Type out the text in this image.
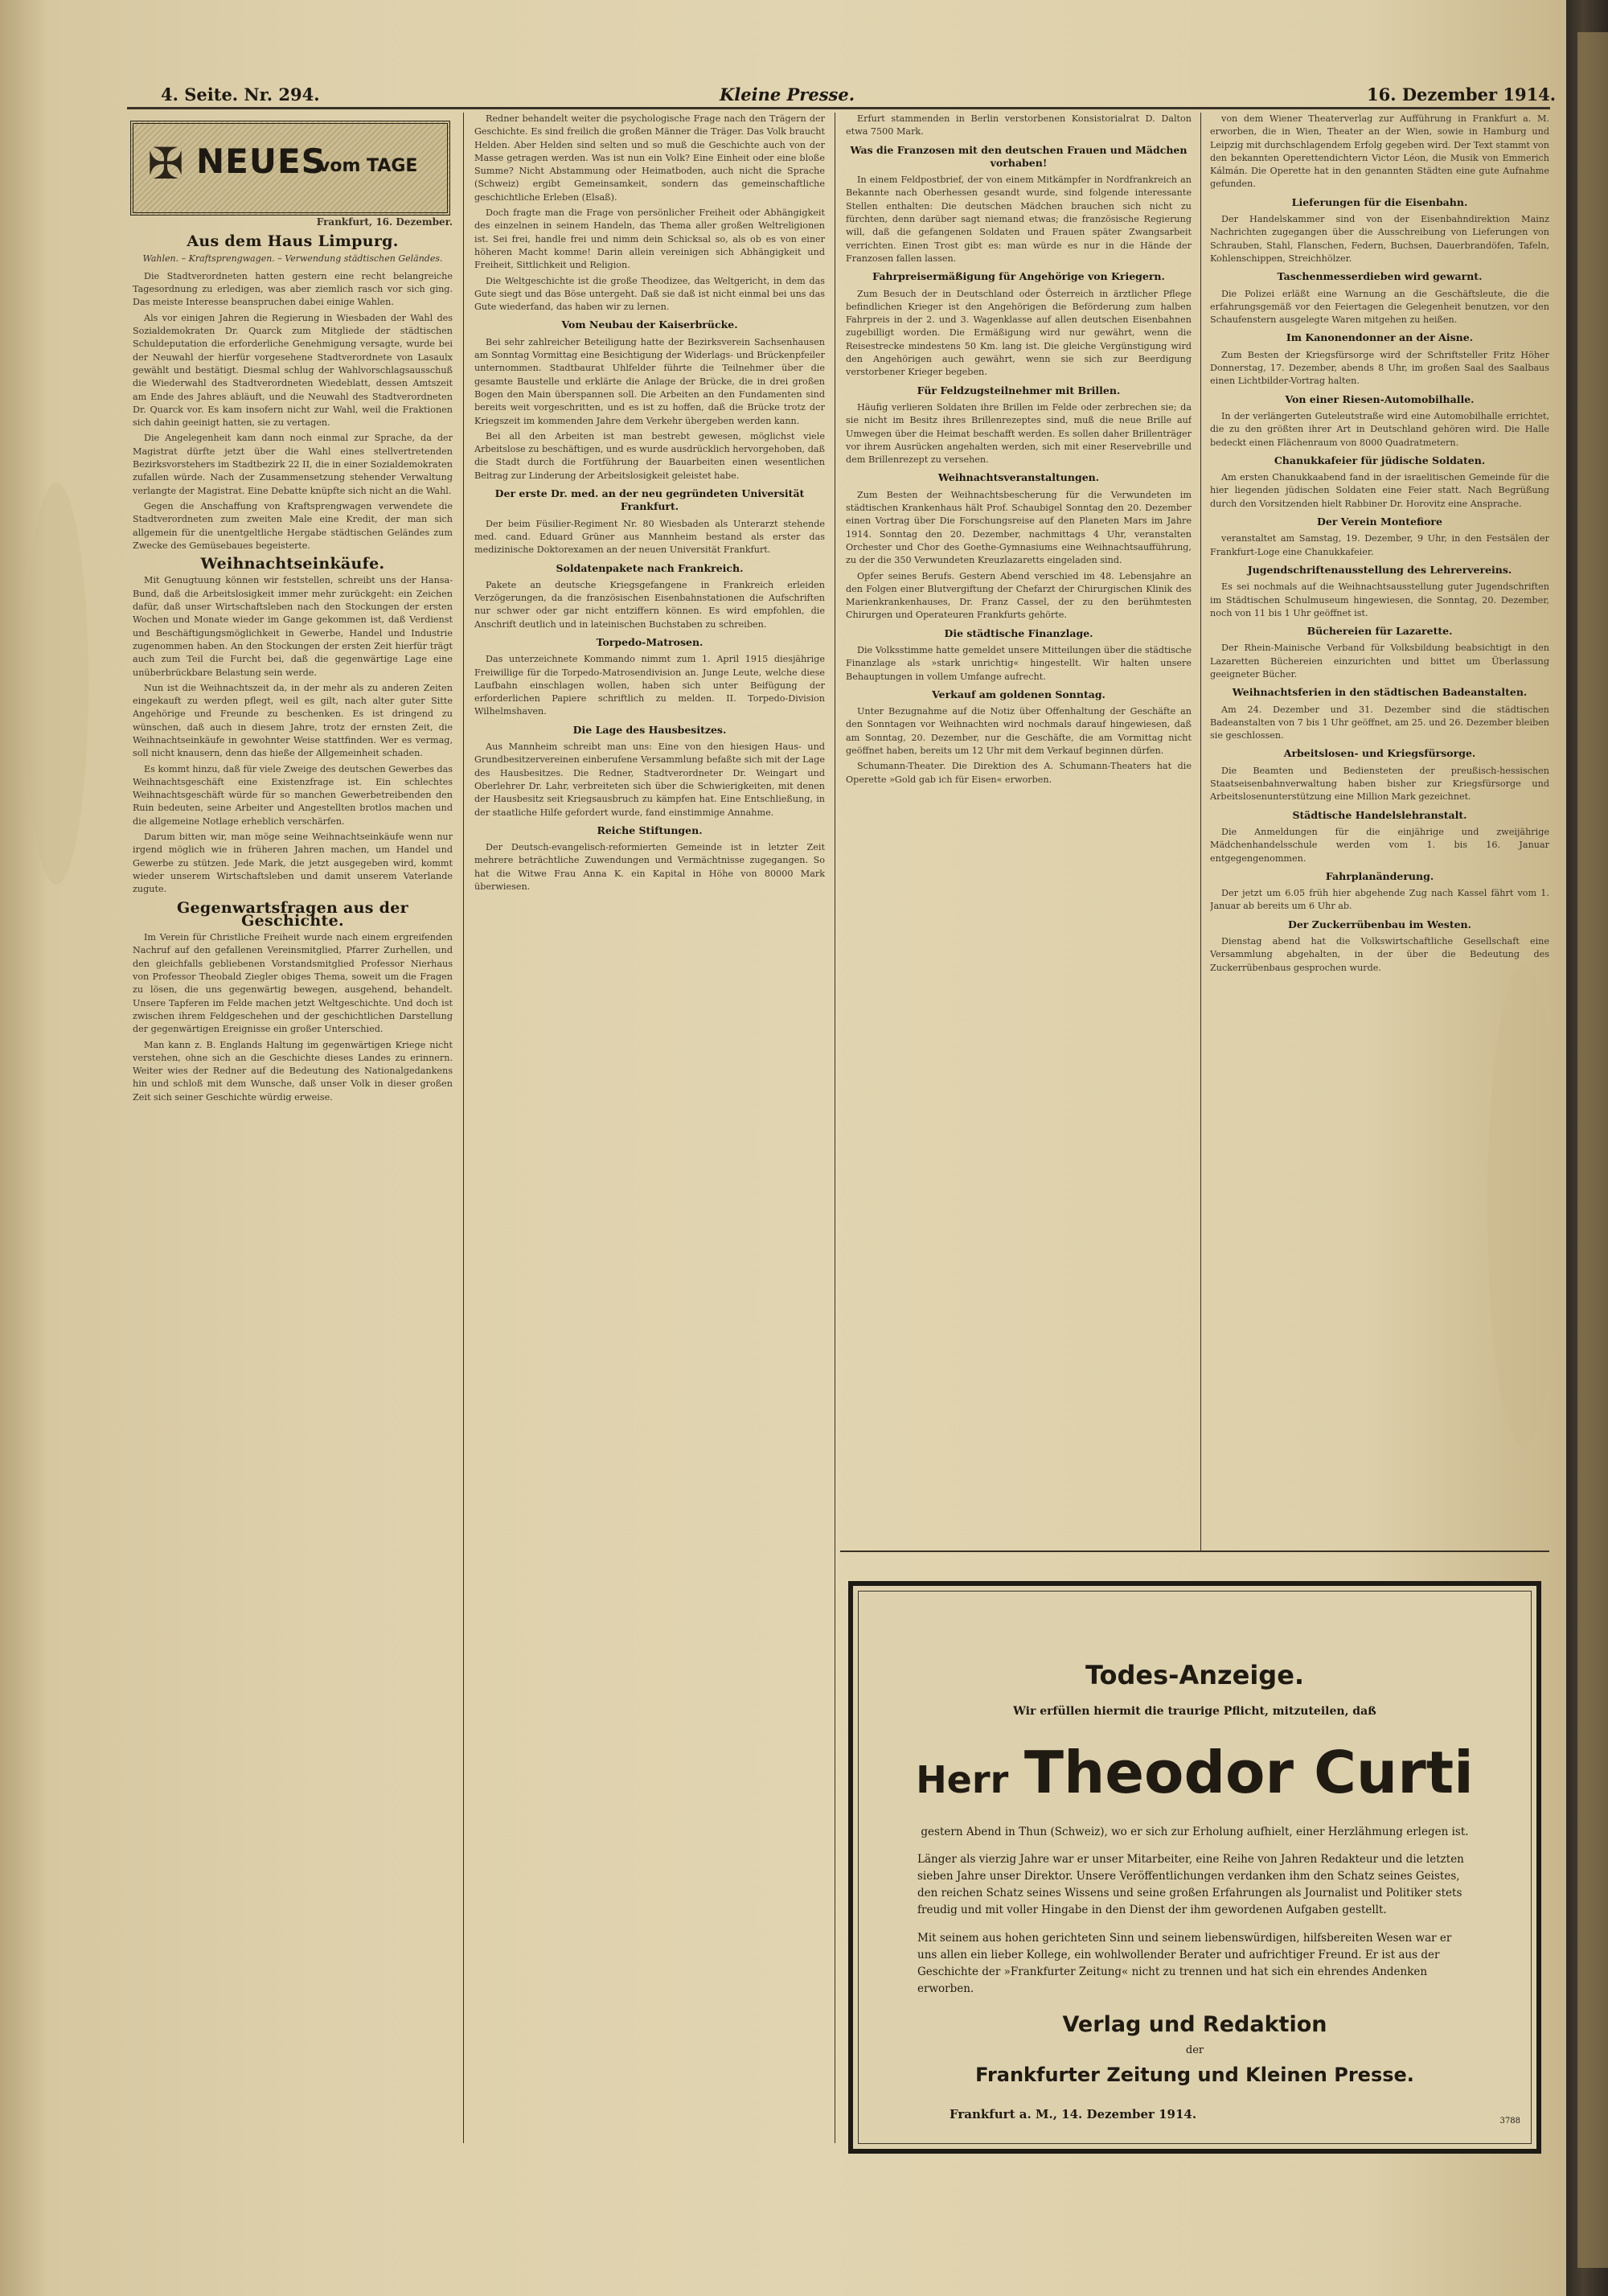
4. Seite. Nr. 294.	Kleine Presse.	16. Dezember 1914.
✠ NEUES
vom TAGE
Frankfurt, 16. Dezember.
Aus dem Haus Limpurg.
Wahlen. – Kraftsprengwagen. – Verwendung städtischen Geländes.

Die Stadtverordneten hatten gestern eine recht belangreiche Tagesordnung zu erledigen, was aber ziemlich rasch vor sich ging. Das meiste Interesse beanspruchen dabei einige Wahlen.

Als vor einigen Jahren die Regierung in Wiesbaden der Wahl des Sozialdemokraten Dr. Quarck zum Mitgliede der städtischen Schuldeputation die erforderliche Genehmigung versagte, wurde bei der Neuwahl der hierfür vorgesehene Stadtverordnete von Lasaulx gewählt und bestätigt. Diesmal schlug der Wahlvorschlagsausschuß die Wiederwahl des Stadtverordneten Wiedeblatt, dessen Amtszeit am Ende des Jahres abläuft, und die Neuwahl des Stadtverordneten Dr. Quarck vor. Es kam insofern nicht zur Wahl, weil die Fraktionen sich dahin geeinigt hatten, sie zu vertagen.

Die Angelegenheit kam dann noch einmal zur Sprache, da der Magistrat dürfte jetzt über die Wahl eines stellvertretenden Bezirksvorstehers im Stadtbezirk 22 II, die in einer Sozialdemokraten zufallen würde. Nach der Zusammensetzung stehender Verwaltung verlangte der Magistrat. Eine Debatte knüpfte sich nicht an die Wahl.

Gegen die Anschaffung von Kraftsprengwagen verwendete die Stadtverordneten zum zweiten Male eine Kredit, der man sich allgemein für die unentgeltliche Hergabe städtischen Geländes zum Zwecke des Gemüsebaues begeisterte.

Weihnachtseinkäufe.

Mit Genugtuung können wir feststellen, schreibt uns der Hansa-Bund, daß die Arbeitslosigkeit immer mehr zurückgeht: ein Zeichen dafür, daß unser Wirtschaftsleben nach den Stockungen der ersten Wochen und Monate wieder im Gange gekommen ist, daß Verdienst und Beschäftigungsmöglichkeit in Gewerbe, Handel und Industrie zugenommen haben. An den Stockungen der ersten Zeit hierfür trägt auch zum Teil die Furcht bei, daß die gegenwärtige Lage eine unüberbrückbare Belastung sein werde.

Nun ist die Weihnachtszeit da, in der mehr als zu anderen Zeiten eingekauft zu werden pflegt, weil es gilt, nach alter guter Sitte Angehörige und Freunde zu beschenken. Es ist dringend zu wünschen, daß auch in diesem Jahre, trotz der ernsten Zeit, die Weihnachtseinkäufe in gewohnter Weise stattfinden. Wer es vermag, soll nicht knausern, denn das hieße der Allgemeinheit schaden.

Es kommt hinzu, daß für viele Zweige des deutschen Gewerbes das Weihnachtsgeschäft eine Existenzfrage ist. Ein schlechtes Weihnachtsgeschäft würde für so manchen Gewerbetreibenden den Ruin bedeuten, seine Arbeiter und Angestellten brotlos machen und die allgemeine Notlage erheblich verschärfen.

Darum bitten wir, man möge seine Weihnachtseinkäufe wenn nur irgend möglich wie in früheren Jahren machen, um Handel und Gewerbe zu stützen. Jede Mark, die jetzt ausgegeben wird, kommt wieder unserem Wirtschaftsleben und damit unserem Vaterlande zugute.

Gegenwartsfragen aus der Geschichte.

Im Verein für Christliche Freiheit wurde nach einem ergreifenden Nachruf auf den gefallenen Vereinsmitglied, Pfarrer Zurhellen, und den gleichfalls gebliebenen Vorstandsmitglied Professor Nierhaus von Professor Theobald Ziegler obiges Thema, soweit um die Fragen zu lösen, die uns gegenwärtig bewegen, ausgehend, behandelt. Unsere Tapferen im Felde machen jetzt Weltgeschichte. Und doch ist zwischen ihrem Feldgeschehen und der geschichtlichen Darstellung der gegenwärtigen Ereignisse ein großer Unterschied.

Man kann z. B. Englands Haltung im gegenwärtigen Kriege nicht verstehen, ohne sich an die Geschichte dieses Landes zu erinnern. Weiter wies der Redner auf die Bedeutung des Nationalgedankens hin und schloß mit dem Wunsche, daß unser Volk in dieser großen Zeit sich seiner Geschichte würdig erweise.

Redner behandelt weiter die psychologische Frage nach den Trägern der Geschichte. Es sind freilich die großen Männer die Träger. Das Volk braucht Helden. Aber Helden sind selten und so muß die Geschichte auch von der Masse getragen werden. Was ist nun ein Volk? Eine Einheit oder eine bloße Summe? Nicht Abstammung oder Heimatboden, auch nicht die Sprache (Schweiz) ergibt Gemeinsamkeit, sondern das gemeinschaftliche geschichtliche Erleben (Elsaß).

Doch fragte man die Frage von persönlicher Freiheit oder Abhängigkeit des einzelnen in seinem Handeln, das Thema aller großen Weltreligionen ist. Sei frei, handle frei und nimm dein Schicksal so, als ob es von einer höheren Macht komme! Darin allein vereinigen sich Abhängigkeit und Freiheit, Sittlichkeit und Religion.

Die Weltgeschichte ist die große Theodizee, das Weltgericht, in dem das Gute siegt und das Böse untergeht. Daß sie daß ist nicht einmal bei uns das Gute wiederfand, das haben wir zu lernen.

Vom Neubau der Kaiserbrücke.

Bei sehr zahlreicher Beteiligung hatte der Bezirksverein Sachsenhausen am Sonntag Vormittag eine Besichtigung der Widerlags- und Brückenpfeiler unternommen. Stadtbaurat Uhlfelder führte die Teilnehmer über die gesamte Baustelle und erklärte die Anlage der Brücke, die in drei großen Bogen den Main überspannen soll. Die Arbeiten an den Fundamenten sind bereits weit vorgeschritten, und es ist zu hoffen, daß die Brücke trotz der Kriegszeit im kommenden Jahre dem Verkehr übergeben werden kann.

Bei all den Arbeiten ist man bestrebt gewesen, möglichst viele Arbeitslose zu beschäftigen, und es wurde ausdrücklich hervorgehoben, daß die Stadt durch die Fortführung der Bauarbeiten einen wesentlichen Beitrag zur Linderung der Arbeitslosigkeit geleistet habe.

Der erste Dr. med. an der neu gegründeten Universität Frankfurt.

Der beim Füsilier-Regiment Nr. 80 Wiesbaden als Unterarzt stehende med. cand. Eduard Grüner aus Mannheim bestand als erster das medizinische Doktorexamen an der neuen Universität Frankfurt.

Soldatenpakete nach Frankreich.

Pakete an deutsche Kriegsgefangene in Frankreich erleiden Verzögerungen, da die französischen Eisenbahnstationen die Aufschriften nur schwer oder gar nicht entziffern können. Es wird empfohlen, die Anschrift deutlich und in lateinischen Buchstaben zu schreiben.

Torpedo-Matrosen.

Das unterzeichnete Kommando nimmt zum 1. April 1915 diesjährige Freiwillige für die Torpedo-Matrosendivision an. Junge Leute, welche diese Laufbahn einschlagen wollen, haben sich unter Beifügung der erforderlichen Papiere schriftlich zu melden. II. Torpedo-Division Wilhelmshaven.

Die Lage des Hausbesitzes.

Aus Mannheim schreibt man uns: Eine von den hiesigen Haus- und Grundbesitzervereinen einberufene Versammlung befaßte sich mit der Lage des Hausbesitzes. Die Redner, Stadtverordneter Dr. Weingart und Oberlehrer Dr. Lahr, verbreiteten sich über die Schwierigkeiten, mit denen der Hausbesitz seit Kriegsausbruch zu kämpfen hat. Eine Entschließung, in der staatliche Hilfe gefordert wurde, fand einstimmige Annahme.

Reiche Stiftungen.

Der Deutsch-evangelisch-reformierten Gemeinde ist in letzter Zeit mehrere beträchtliche Zuwendungen und Vermächtnisse zugegangen. So hat die Witwe Frau Anna K. ein Kapital in Höhe von 80000 Mark überwiesen.

Erfurt stammenden in Berlin verstorbenen Konsistorialrat D. Dalton etwa 7500 Mark.

Was die Franzosen mit den deutschen Frauen und Mädchen vorhaben!

In einem Feldpostbrief, der von einem Mitkämpfer in Nordfrankreich an Bekannte nach Oberhessen gesandt wurde, sind folgende interessante Stellen enthalten: Die deutschen Mädchen brauchen sich nicht zu fürchten, denn darüber sagt niemand etwas; die französische Regierung will, daß die gefangenen Soldaten und Frauen später Zwangsarbeit verrichten. Einen Trost gibt es: man würde es nur in die Hände der Franzosen fallen lassen.

Fahrpreisermäßigung für Angehörige von Kriegern.

Zum Besuch der in Deutschland oder Österreich in ärztlicher Pflege befindlichen Krieger ist den Angehörigen die Beförderung zum halben Fahrpreis in der 2. und 3. Wagenklasse auf allen deutschen Eisenbahnen zugebilligt worden. Die Ermäßigung wird nur gewährt, wenn die Reisestrecke mindestens 50 Km. lang ist. Die gleiche Vergünstigung wird den Angehörigen auch gewährt, wenn sie sich zur Beerdigung verstorbener Krieger begeben.

Für Feldzugsteilnehmer mit Brillen.

Häufig verlieren Soldaten ihre Brillen im Felde oder zerbrechen sie; da sie nicht im Besitz ihres Brillenrezeptes sind, muß die neue Brille auf Umwegen über die Heimat beschafft werden. Es sollen daher Brillenträger vor ihrem Ausrücken angehalten werden, sich mit einer Reservebrille und dem Brillenrezept zu versehen.

Weihnachtsveranstaltungen.

Zum Besten der Weihnachtsbescherung für die Verwundeten im städtischen Krankenhaus hält Prof. Schaubigel Sonntag den 20. Dezember einen Vortrag über Die Forschungsreise auf den Planeten Mars im Jahre 1914. Sonntag den 20. Dezember, nachmittags 4 Uhr, veranstalten Orchester und Chor des Goethe-Gymnasiums eine Weihnachtsaufführung, zu der die 350 Verwundeten Kreuzlazaretts eingeladen sind.

Opfer seines Berufs. Gestern Abend verschied im 48. Lebensjahre an den Folgen einer Blutvergiftung der Chefarzt der Chirurgischen Klinik des Marienkrankenhauses, Dr. Franz Cassel, der zu den berühmtesten Chirurgen und Operateuren Frankfurts gehörte.

Die städtische Finanzlage.

Die Volksstimme hatte gemeldet unsere Mitteilungen über die städtische Finanzlage als »stark unrichtig« hingestellt. Wir halten unsere Behauptungen in vollem Umfange aufrecht.

Verkauf am goldenen Sonntag.

Unter Bezugnahme auf die Notiz über Offenhaltung der Geschäfte an den Sonntagen vor Weihnachten wird nochmals darauf hingewiesen, daß am Sonntag, 20. Dezember, nur die Geschäfte, die am Vormittag nicht geöffnet haben, bereits um 12 Uhr mit dem Verkauf beginnen dürfen.

Schumann-Theater. Die Direktion des A. Schumann-Theaters hat die Operette »Gold gab ich für Eisen« erworben.

von dem Wiener Theaterverlag zur Aufführung in Frankfurt a. M. erworben, die in Wien, Theater an der Wien, sowie in Hamburg und Leipzig mit durchschlagendem Erfolg gegeben wird. Der Text stammt von den bekannten Operettendichtern Victor Léon, die Musik von Emmerich Kálmán. Die Operette hat in den genannten Städten eine gute Aufnahme gefunden.

Lieferungen für die Eisenbahn.

Der Handelskammer sind von der Eisenbahndirektion Mainz Nachrichten zugegangen über die Ausschreibung von Lieferungen von Schrauben, Stahl, Flanschen, Federn, Buchsen, Dauerbrandöfen, Tafeln, Kohlenschippen, Streichhölzer.

Taschenmesserdieben wird gewarnt.

Die Polizei erläßt eine Warnung an die Geschäftsleute, die die erfahrungsgemäß vor den Feiertagen die Gelegenheit benutzen, vor den Schaufenstern ausgelegte Waren mitgehen zu heißen.

Im Kanonendonner an der Aisne.

Zum Besten der Kriegsfürsorge wird der Schriftsteller Fritz Höher Donnerstag, 17. Dezember, abends 8 Uhr, im großen Saal des Saalbaus einen Lichtbilder-Vortrag halten.

Von einer Riesen-Automobilhalle.

In der verlängerten Guteleutstraße wird eine Automobilhalle errichtet, die zu den größten ihrer Art in Deutschland gehören wird. Die Halle bedeckt einen Flächenraum von 8000 Quadratmetern.

Chanukkafeier für jüdische Soldaten.

Am ersten Chanukkaabend fand in der israelitischen Gemeinde für die hier liegenden jüdischen Soldaten eine Feier statt. Nach Begrüßung durch den Vorsitzenden hielt Rabbiner Dr. Horovitz eine Ansprache.

Der Verein Montefiore

veranstaltet am Samstag, 19. Dezember, 9 Uhr, in den Festsälen der Frankfurt-Loge eine Chanukkafeier.

Jugendschriftenausstellung des Lehrervereins.

Es sei nochmals auf die Weihnachtsausstellung guter Jugendschriften im Städtischen Schulmuseum hingewiesen, die Sonntag, 20. Dezember, noch von 11 bis 1 Uhr geöffnet ist.

Büchereien für Lazarette.

Der Rhein-Mainische Verband für Volksbildung beabsichtigt in den Lazaretten Büchereien einzurichten und bittet um Überlassung geeigneter Bücher.

Weihnachtsferien in den städtischen Badeanstalten.

Am 24. Dezember und 31. Dezember sind die städtischen Badeanstalten von 7 bis 1 Uhr geöffnet, am 25. und 26. Dezember bleiben sie geschlossen.

Arbeitslosen- und Kriegsfürsorge.

Die Beamten und Bediensteten der preußisch-hessischen Staatseisenbahnverwaltung haben bisher zur Kriegsfürsorge und Arbeitslosenunterstützung eine Million Mark gezeichnet.

Städtische Handelslehranstalt.

Die Anmeldungen für die einjährige und zweijährige Mädchenhandelsschule werden vom 1. bis 16. Januar entgegengenommen.

Fahrplanänderung.

Der jetzt um 6.05 früh hier abgehende Zug nach Kassel fährt vom 1. Januar ab bereits um 6 Uhr ab.

Der Zuckerrübenbau im Westen.

Dienstag abend hat die Volkswirtschaftliche Gesellschaft eine Versammlung abgehalten, in der über die Bedeutung des Zuckerrübenbaus gesprochen wurde.

Todes-Anzeige.
Wir erfüllen hiermit die traurige Pflicht, mitzuteilen, daß
Herr Theodor Curti
gestern Abend in Thun (Schweiz), wo er sich zur Erholung aufhielt, einer Herzlähmung erlegen ist.
Länger als vierzig Jahre war er unser Mitarbeiter, eine Reihe von Jahren Redakteur und die letzten sieben Jahre unser Direktor. Unsere Veröffentlichungen verdanken ihm den Schatz seines Geistes, den reichen Schatz seines Wissens und seine großen Erfahrungen als Journalist und Politiker stets freudig und mit voller Hingabe in den Dienst der ihm gewordenen Aufgaben gestellt.
Mit seinem aus hohen gerichteten Sinn und seinem liebenswürdigen, hilfsbereiten Wesen war er uns allen ein lieber Kollege, ein wohlwollender Berater und aufrichtiger Freund. Er ist aus der Geschichte der »Frankfurter Zeitung« nicht zu trennen und hat sich ein ehrendes Andenken erworben.
Verlag und Redaktion
der
Frankfurter Zeitung und Kleinen Presse.
Frankfurt a. M., 14. Dezember 1914.	3788
